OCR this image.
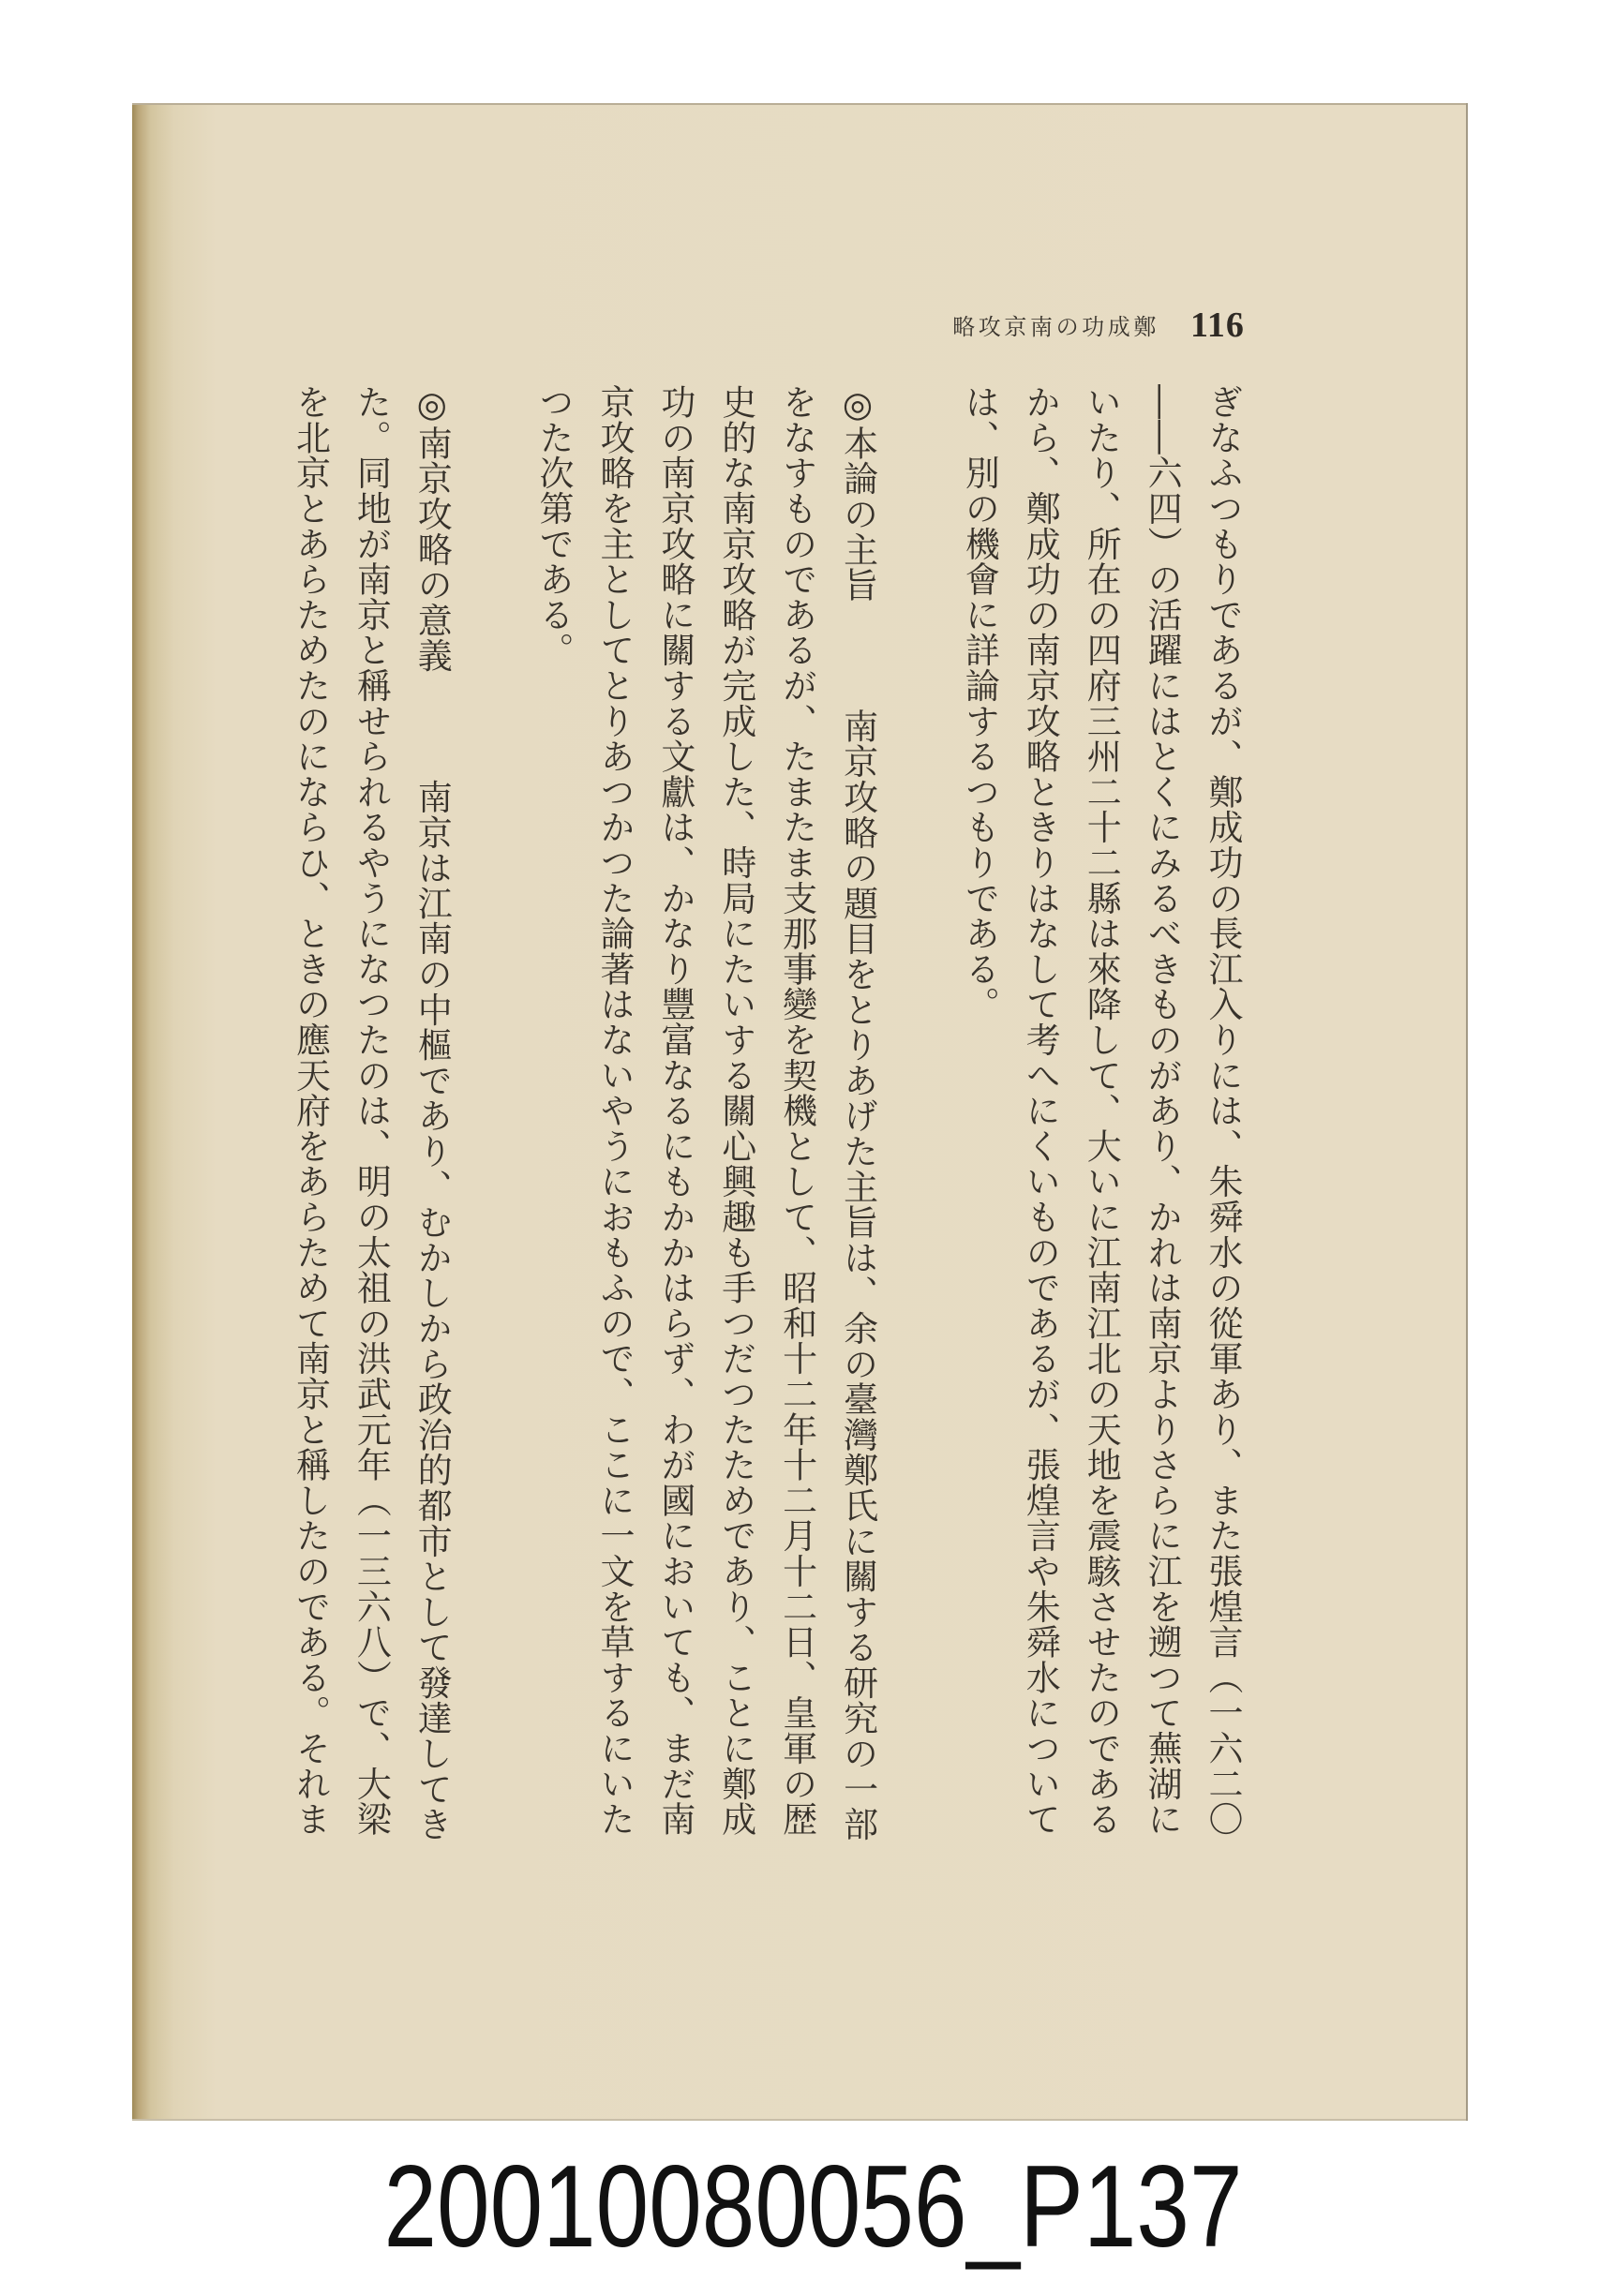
鄭成功の南京攻略 116
ぎなふつもりであるが、鄭成功の長江入りには、朱舜水の從軍あり、また張煌言（一六二〇
――六四）の活躍にはとくにみるべきものがあり、かれは南京よりさらに江を遡つて蕪湖に
いたり、所在の四府三州二十二縣は來降して、大いに江南江北の天地を震駭させたのである
から、鄭成功の南京攻略ときりはなして考へにくいものであるが、張煌言や朱舜水について
は、別の機會に詳論するつもりである。
◎本論の主旨南京攻略の題目をとりあげた主旨は、余の臺灣鄭氏に關する研究の一部
をなすものであるが、たまたま支那事變を契機として、昭和十二年十二月十二日、皇軍の歴
史的な南京攻略が完成した、時局にたいする關心興趣も手つだつたためであり、ことに鄭成
功の南京攻略に關する文獻は、かなり豐富なるにもかかはらず、わが國においても、まだ南
京攻略を主としてとりあつかつた論著はないやうにおもふので、ここに一文を草するにいた
つた次第である。
◎南京攻略の意義南京は江南の中樞であり、むかしから政治的都市として發達してき
た。同地が南京と稱せられるやうになつたのは、明の太祖の洪武元年（一三六八）で、大梁
を北京とあらためたのにならひ、ときの應天府をあらためて南京と稱したのである。それま
20010080056_P137
